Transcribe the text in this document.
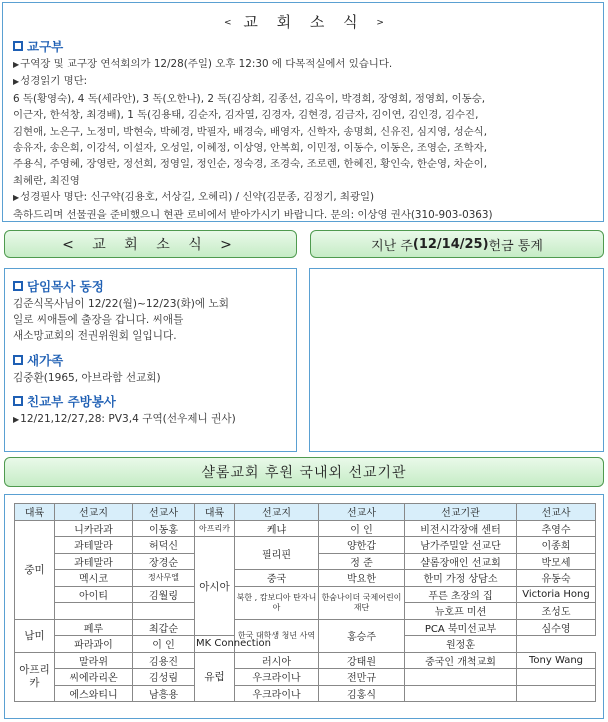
< 교 회 소 식 >
교구부
▶구역장 및 교구장 연석회의가 12/28(주일) 오후 12:30 에 다목적실에서 있습니다.
▶성경읽기 명단:
6 독(황영숙), 4 독(세라안), 3 독(오한나), 2 독(김상희, 김종선, 김옥이, 박경희, 장영희, 정영희, 이동승,
이근자, 한석창, 최경배), 1 독(김용태, 김순자, 김자열, 김경자, 김현경, 김금자, 김이연, 김인경, 김수진,
김현애, 노은구, 노정미, 박현숙, 박혜경, 박필자, 배경숙, 배영자, 신학자, 송명희, 신유진, 심지영, 성순식,
송유자, 송은희, 이강석, 이설자, 오성일, 이혜정, 이상영, 안복희, 이민정, 이동수, 이동은, 조영순, 조학자,
주용식, 주영혜, 장영란, 정선희, 정영일, 정인순, 정숙경, 조경숙, 조로렌, 한혜진, 황인숙, 한순영, 차순이,
최혜란, 최진영
▶성경필사 명단: 신구약(김용호, 서상길, 오혜리) / 신약(김문종, 김정기, 최광일)
축하드리며 선물권을 준비했으니 현관 로비에서 받아가시기 바랍니다. 문의: 이상영 권사(310-903-0363)
< 교 회 소 식 >	지난 주 (12/14/25) 헌금 통계
담임목사 동정
김준식목사님이 12/22(월)~12/23(화)에 노회
일로 씨애틀에 출장을 갑니다. 씨애틀
새소망교회의 전권위원회 일입니다.
새가족
김중환(1965, 아브라함 선교회)
친교부 주방봉사
▶12/21,12/27,28: PV3,4 구역(선우제니 권사)
샬롬교회 후원 국내외 선교기관
대륙	선교지	선교사	대륙	선교지	선교사	선교기관	선교사
중미	니카라과	이동홍	아프리카	케냐	이 인	비전시각장애 센터	추영수
	과테말라	허덕신	아시아	필리핀	양한갑	남가주밀알 선교단	이종희
	과테말라	장경순			정 준	샬롬장애인 선교회	박모세
	멕시코	정사무엘		중국	박요한	한미 가정 상담소	유동숙
	아이티	김월링		북한 , 캄보디아 탄자니아	한숨나이더 국제어린이 재단	푸른 초장의 집	Victoria Hong
						뉴호프 미션	조성도
남미	페루	최갑순		한국 대학생 청년 사역	홍승주	PCA 북미선교부	심수영
	파라과이	이 인	MK Connection			원정훈	
아프리카	말라위	김용진	유럽	러시아	강태원	중국인 개척교회	Tony Wang
	씨에라리온	김성림		우크라이나	전만규		
	에스와티니	남흥용		우크라이나	김홍식		
